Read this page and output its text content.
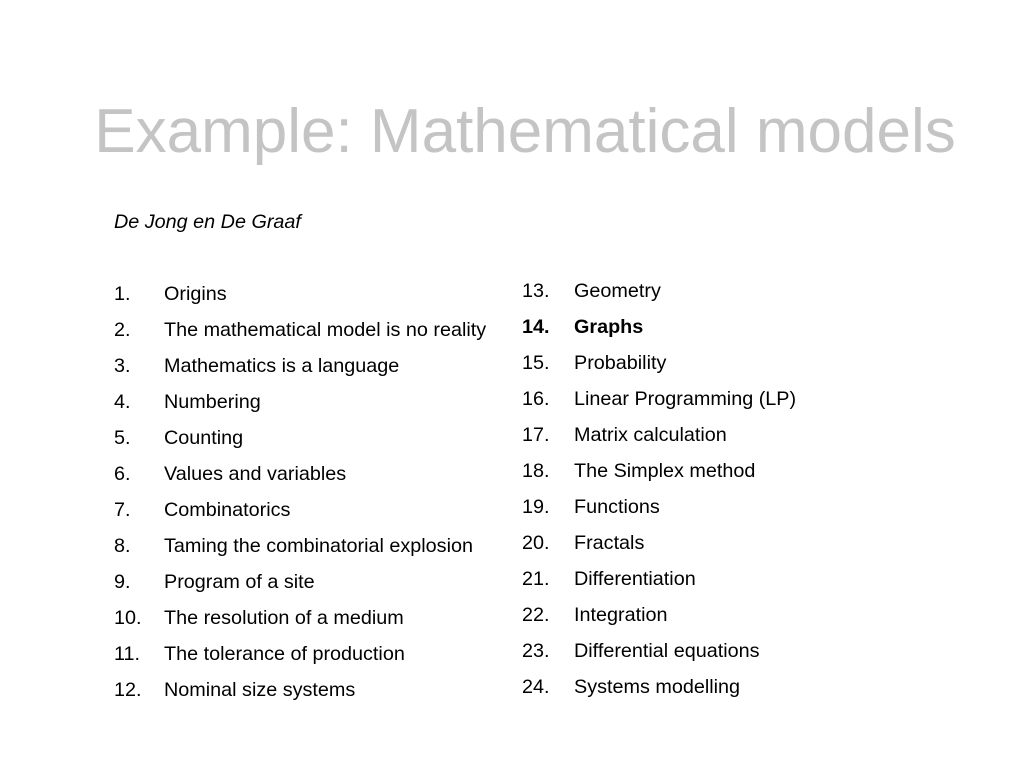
Example: Mathematical models
De Jong en De Graaf
1. Origins
2. The mathematical model is no reality
3. Mathematics is a language
4. Numbering
5. Counting
6. Values and variables
7. Combinatorics
8. Taming the combinatorial explosion
9. Program of a site
10. The resolution of a medium
11. The tolerance of production
12. Nominal size systems
13. Geometry
14. Graphs
15. Probability
16. Linear Programming (LP)
17. Matrix calculation
18. The Simplex method
19. Functions
20. Fractals
21. Differentiation
22. Integration
23. Differential equations
24. Systems modelling
